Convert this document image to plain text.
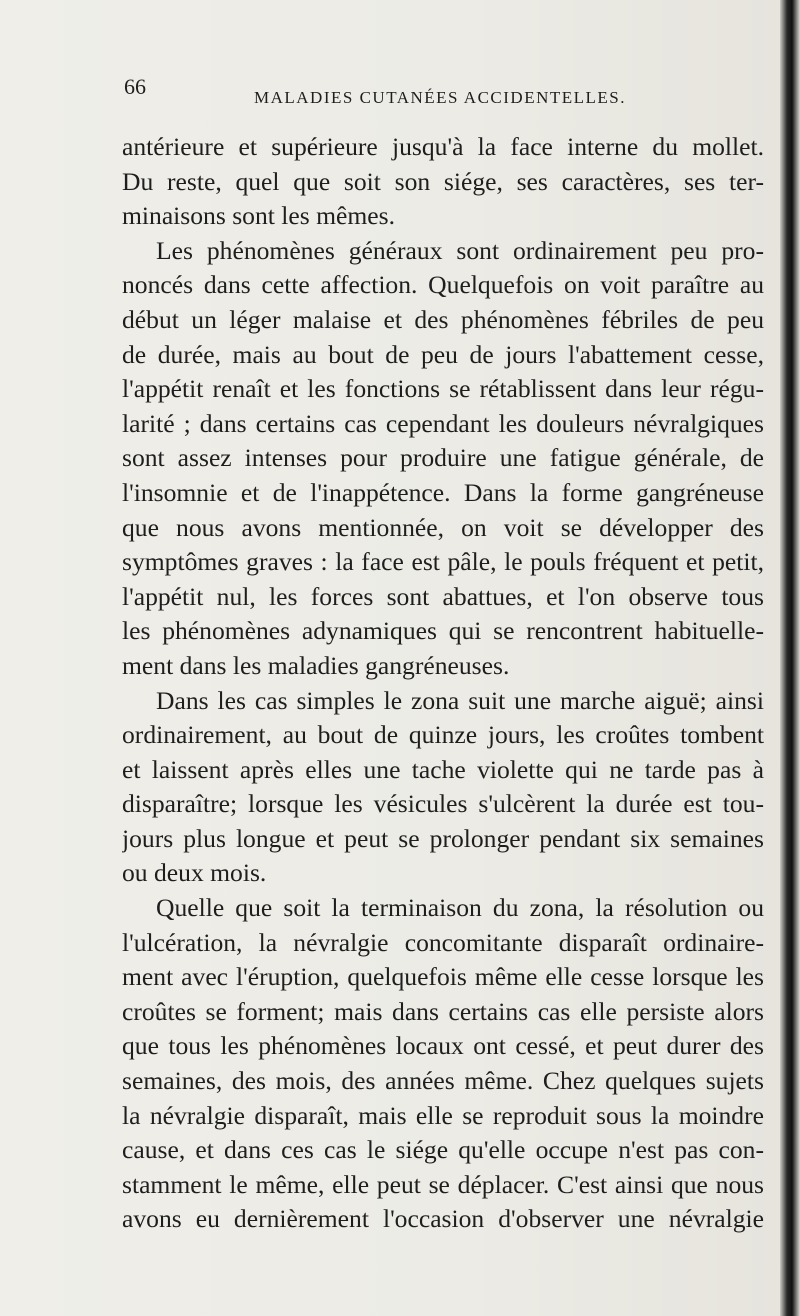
66	MALADIES CUTANÉES ACCIDENTELLES.
antérieure et supérieure jusqu'à la face interne du mollet.
Du reste, quel que soit son siége, ses caractères, ses ter-
minaisons sont les mêmes.
Les phénomènes généraux sont ordinairement peu pro-
noncés dans cette affection. Quelquefois on voit paraître au
début un léger malaise et des phénomènes fébriles de peu
de durée, mais au bout de peu de jours l'abattement cesse,
l'appétit renaît et les fonctions se rétablissent dans leur régu-
larité ; dans certains cas cependant les douleurs névralgiques
sont assez intenses pour produire une fatigue générale, de
l'insomnie et de l'inappétence. Dans la forme gangréneuse
que nous avons mentionnée, on voit se développer des
symptômes graves : la face est pâle, le pouls fréquent et petit,
l'appétit nul, les forces sont abattues, et l'on observe tous
les phénomènes adynamiques qui se rencontrent habituelle-
ment dans les maladies gangréneuses.
Dans les cas simples le zona suit une marche aiguë; ainsi
ordinairement, au bout de quinze jours, les croûtes tombent
et laissent après elles une tache violette qui ne tarde pas à
disparaître; lorsque les vésicules s'ulcèrent la durée est tou-
jours plus longue et peut se prolonger pendant six semaines
ou deux mois.
Quelle que soit la terminaison du zona, la résolution ou
l'ulcération, la névralgie concomitante disparaît ordinaire-
ment avec l'éruption, quelquefois même elle cesse lorsque les
croûtes se forment; mais dans certains cas elle persiste alors
que tous les phénomènes locaux ont cessé, et peut durer des
semaines, des mois, des années même. Chez quelques sujets
la névralgie disparaît, mais elle se reproduit sous la moindre
cause, et dans ces cas le siége qu'elle occupe n'est pas con-
stamment le même, elle peut se déplacer. C'est ainsi que nous
avons eu dernièrement l'occasion d'observer une névralgie
